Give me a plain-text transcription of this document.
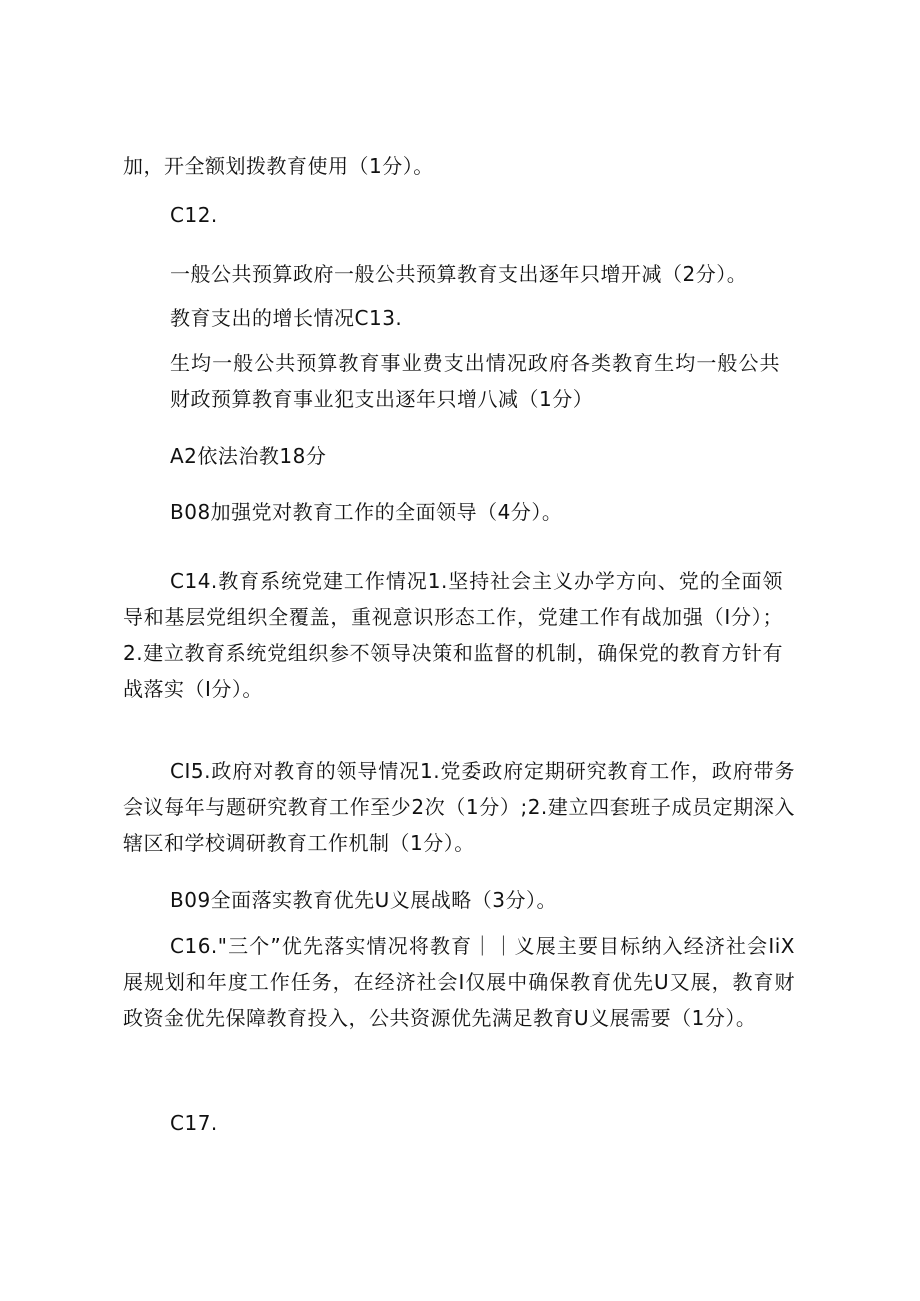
加，开全额划拨教育使用（1分）。
C12.
一般公共预算政府一般公共预算教育支出逐年只增开减（2分）。
教育支出的增长情况C13.
生均一般公共预算教育事业费支出情况政府各类教育生均一般公共财政预算教育事业犯支出逐年只增八减（1分）
A2依法治教18分
B08加强党对教育工作的全面领导（4分）。
C14.教育系统党建工作情况1.坚持社会主义办学方向、党的全面领导和基层党组织全覆盖，重视意识形态工作，党建工作有战加强（I分）；2.建立教育系统党组织参不领导决策和监督的机制，确保党的教育方针有战落实（I分）。
CI5.政府对教育的领导情况1.党委政府定期研究教育工作，政府带务会议每年与题研究教育工作至少2次（1分）;2.建立四套班子成员定期深入辖区和学校调研教育工作机制（1分）。
B09全面落实教育优先U义展战略（3分）。
C16."三个”优先落实情况将教育｜｜义展主要目标纳入经济社会IiX展规划和年度工作任务，在经济社会I仅展中确保教育优先U又展，教育财政资金优先保障教育投入，公共资源优先满足教育U义展需要（1分）。
C17.
